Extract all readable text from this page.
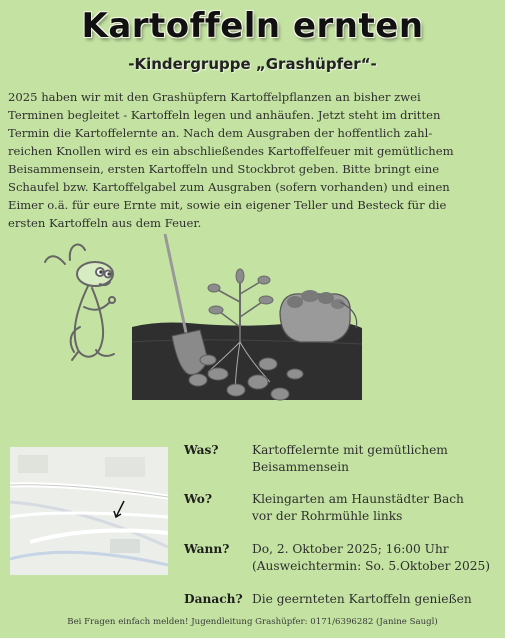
Kartoffeln ernten
-Kindergruppe „Grashüpfer“-
2025 haben wir mit den Grashüpfern Kartoffelpflanzen an bisher zwei
Terminen begleitet - Kartoffeln legen und anhäufen. Jetzt steht im dritten
Termin die Kartoffelernte an. Nach dem Ausgraben der hoffentlich zahl-
reichen Knollen wird es ein abschließendes Kartoffelfeuer mit gemütlichem
Beisammensein, ersten Kartoffeln und Stockbrot geben. Bitte bringt eine
Schaufel bzw. Kartoffelgabel zum Ausgraben (sofern vorhanden) und einen
Eimer o.ä. für eure Ernte mit, sowie ein eigener Teller und Besteck für die
ersten Kartoffeln aus dem Feuer.
Was?	Kartoffelernte mit gemütlichem
Beisammensein
Wo?	Kleingarten am Haunstädter Bach
vor der Rohrmühle links
Wann? Do, 2. Oktober 2025; 16:00 Uhr
(Ausweichtermin: So. 5.Oktober 2025)
Danach? Die geernteten Kartoffeln genießen
Bei Fragen einfach melden! Jugendleitung Grashüpfer: 0171/6396282 (Janine Saugl)
